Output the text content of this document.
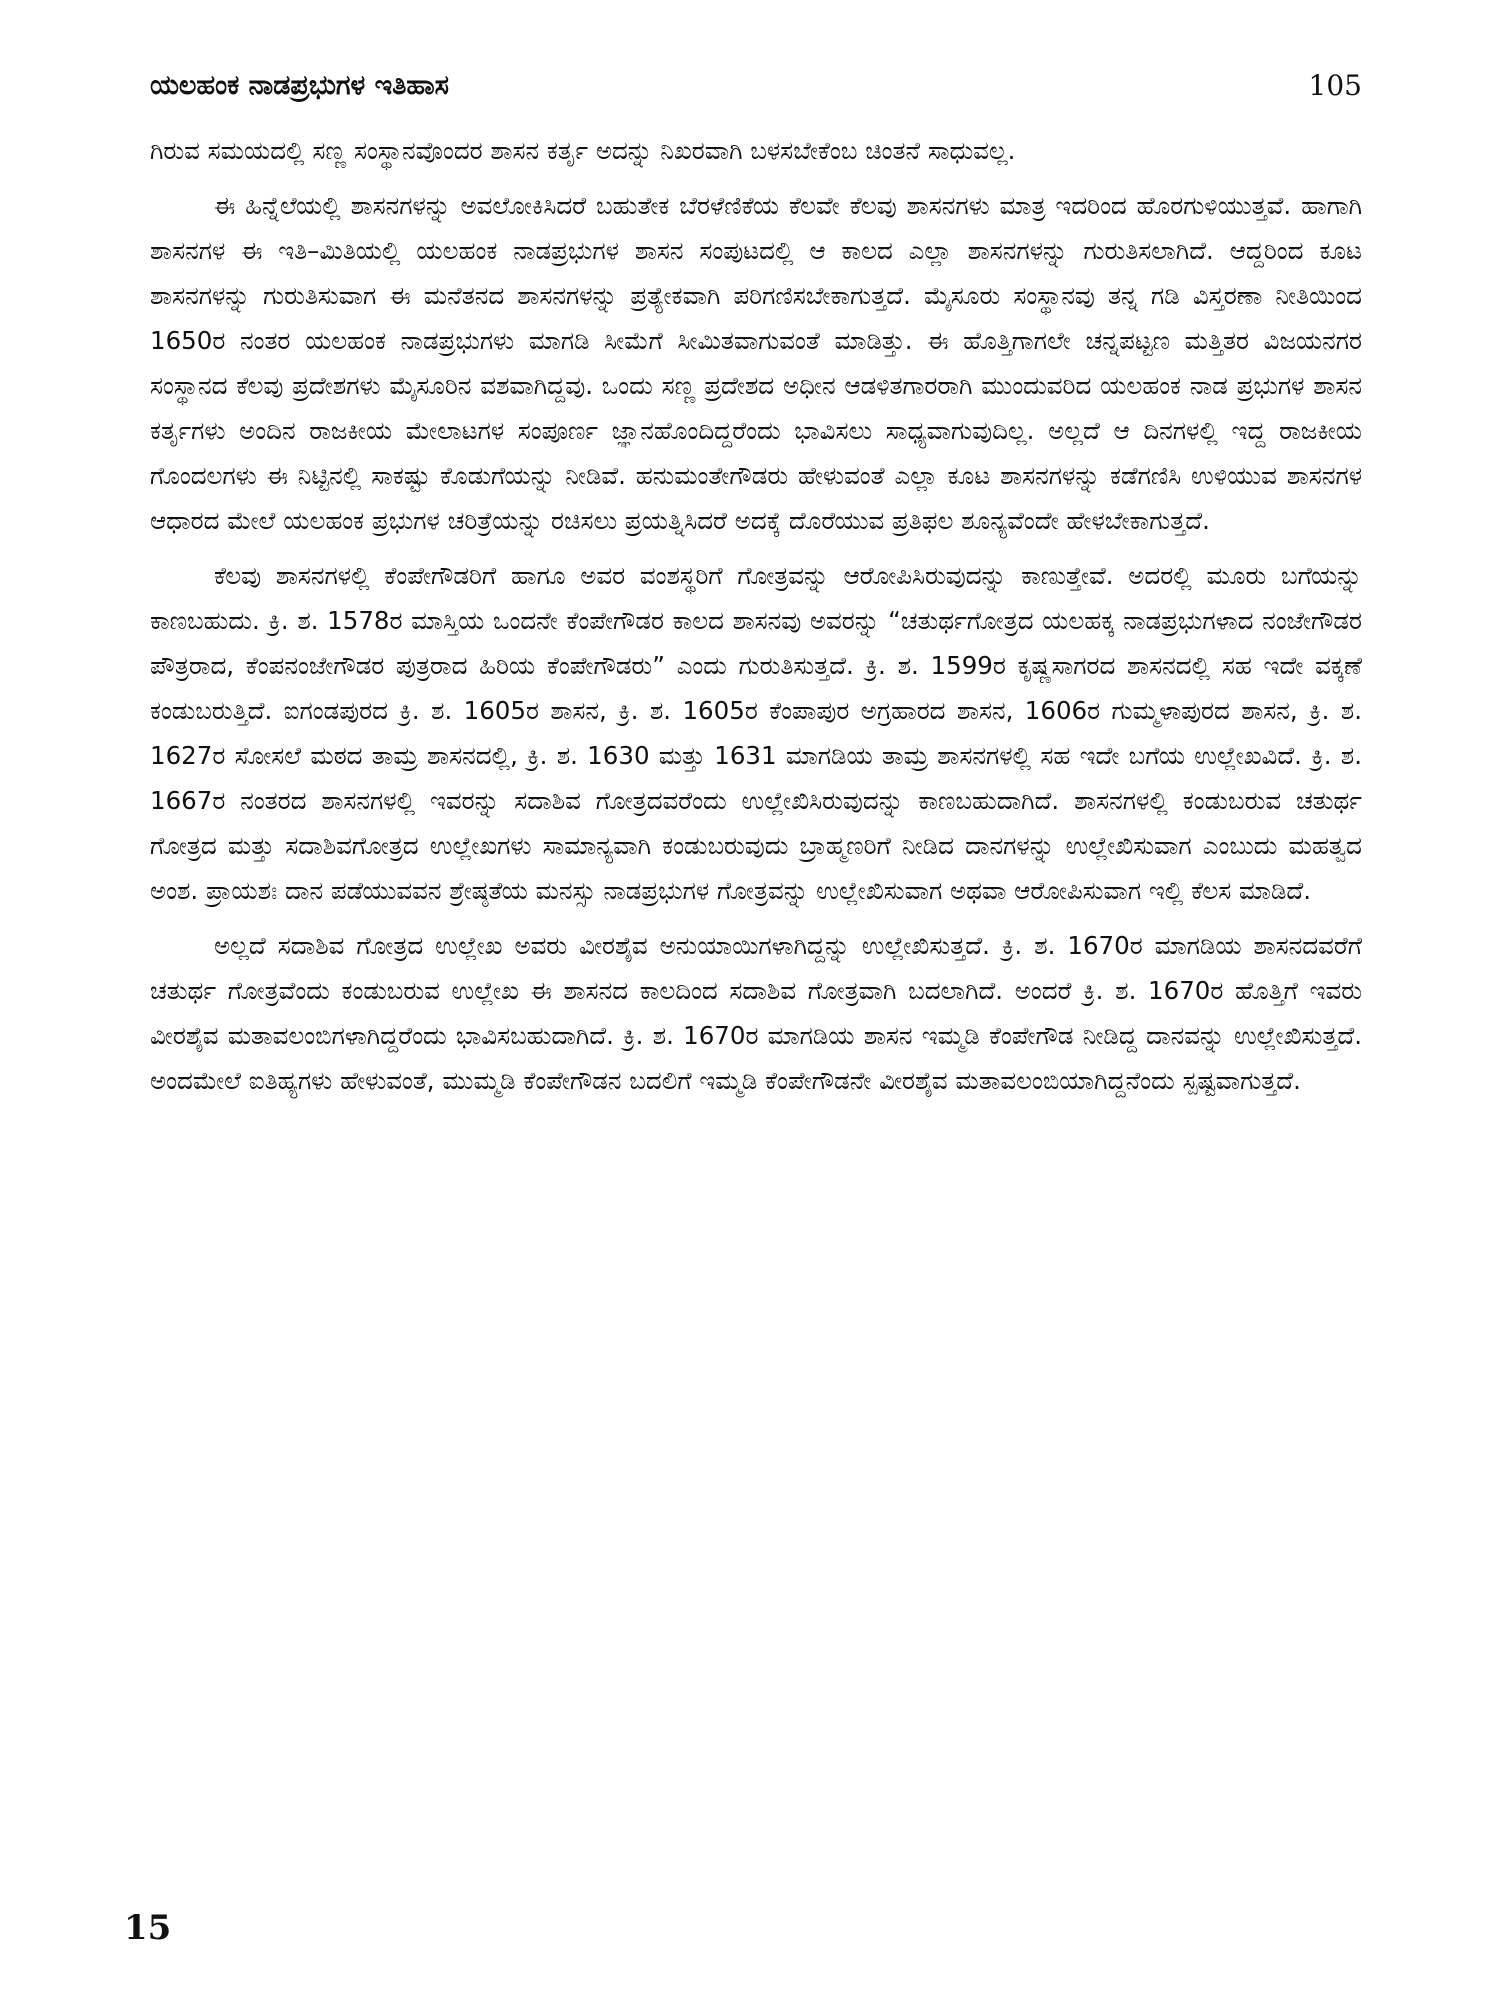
ಯಲಹಂಕ ನಾಡಪ್ರಭುಗಳ ಇತಿಹಾಸ	105

ಗಿರುವ ಸಮಯದಲ್ಲಿ ಸಣ್ಣ ಸಂಸ್ಥಾನವೊಂದರ ಶಾಸನ ಕರ್ತೃ ಅದನ್ನು ನಿಖರವಾಗಿ ಬಳಸಬೇಕೆಂಬ ಚಿಂತನೆ ಸಾಧುವಲ್ಲ.

ಈ ಹಿನ್ನೆಲೆಯಲ್ಲಿ ಶಾಸನಗಳನ್ನು ಅವಲೋಕಿಸಿದರೆ ಬಹುತೇಕ ಬೆರಳೆಣಿಕೆಯ ಕೆಲವೇ ಕೆಲವು ಶಾಸನಗಳು ಮಾತ್ರ ಇದರಿಂದ ಹೊರಗುಳಿಯುತ್ತವೆ. ಹಾಗಾಗಿ ಶಾಸನಗಳ ಈ ಇತಿ–ಮಿತಿಯಲ್ಲಿ ಯಲಹಂಕ ನಾಡಪ್ರಭುಗಳ ಶಾಸನ ಸಂಪುಟದಲ್ಲಿ ಆ ಕಾಲದ ಎಲ್ಲಾ ಶಾಸನಗಳನ್ನು ಗುರುತಿಸಲಾಗಿದೆ. ಆದ್ದರಿಂದ ಕೂಟ ಶಾಸನಗಳನ್ನು ಗುರುತಿಸುವಾಗ ಈ ಮನೆತನದ ಶಾಸನಗಳನ್ನು ಪ್ರತ್ಯೇಕವಾಗಿ ಪರಿಗಣಿಸಬೇಕಾಗುತ್ತದೆ. ಮೈಸೂರು ಸಂಸ್ಥಾನವು ತನ್ನ ಗಡಿ ವಿಸ್ತರಣಾ ನೀತಿಯಿಂದ 1650ರ ನಂತರ ಯಲಹಂಕ ನಾಡಪ್ರಭುಗಳು ಮಾಗಡಿ ಸೀಮೆಗೆ ಸೀಮಿತವಾಗುವಂತೆ ಮಾಡಿತ್ತು. ಈ ಹೊತ್ತಿಗಾಗಲೇ ಚನ್ನಪಟ್ಟಣ ಮತ್ತಿತರ ವಿಜಯನಗರ ಸಂಸ್ಥಾನದ ಕೆಲವು ಪ್ರದೇಶಗಳು ಮೈಸೂರಿನ ವಶವಾಗಿದ್ದವು. ಒಂದು ಸಣ್ಣ ಪ್ರದೇಶದ ಅಧೀನ ಆಡಳಿತಗಾರರಾಗಿ ಮುಂದುವರಿದ ಯಲಹಂಕ ನಾಡ ಪ್ರಭುಗಳ ಶಾಸನ ಕರ್ತೃಗಳು ಅಂದಿನ ರಾಜಕೀಯ ಮೇಲಾಟಗಳ ಸಂಪೂರ್ಣ ಜ್ಞಾನಹೊಂದಿದ್ದರೆಂದು ಭಾವಿಸಲು ಸಾಧ್ಯವಾಗುವುದಿಲ್ಲ. ಅಲ್ಲದೆ ಆ ದಿನಗಳಲ್ಲಿ ಇದ್ದ ರಾಜಕೀಯ ಗೊಂದಲಗಳು ಈ ನಿಟ್ಟಿನಲ್ಲಿ ಸಾಕಷ್ಟು ಕೊಡುಗೆಯನ್ನು ನೀಡಿವೆ. ಹನುಮಂತೇಗೌಡರು ಹೇಳುವಂತೆ ಎಲ್ಲಾ ಕೂಟ ಶಾಸನಗಳನ್ನು ಕಡೆಗಣಿಸಿ ಉಳಿಯುವ ಶಾಸನಗಳ ಆಧಾರದ ಮೇಲೆ ಯಲಹಂಕ ಪ್ರಭುಗಳ ಚರಿತ್ರೆಯನ್ನು ರಚಿಸಲು ಪ್ರಯತ್ನಿಸಿದರೆ ಅದಕ್ಕೆ ದೊರೆಯುವ ಪ್ರತಿಫಲ ಶೂನ್ಯವೆಂದೇ ಹೇಳಬೇಕಾಗುತ್ತದೆ.

ಕೆಲವು ಶಾಸನಗಳಲ್ಲಿ ಕೆಂಪೇಗೌಡರಿಗೆ ಹಾಗೂ ಅವರ ವಂಶಸ್ಥರಿಗೆ ಗೋತ್ರವನ್ನು ಆರೋಪಿಸಿರುವುದನ್ನು ಕಾಣುತ್ತೇವೆ. ಅದರಲ್ಲಿ ಮೂರು ಬಗೆಯನ್ನು ಕಾಣಬಹುದು. ಕ್ರಿ. ಶ. 1578ರ ಮಾಸ್ತಿಯ ಒಂದನೇ ಕೆಂಪೇಗೌಡರ ಕಾಲದ ಶಾಸನವು ಅವರನ್ನು “ಚತುರ್ಥಗೋತ್ರದ ಯಲಹಕ್ಕ ನಾಡಪ್ರಭುಗಳಾದ ನಂಜೇಗೌಡರ ಪೌತ್ರರಾದ, ಕೆಂಪನಂಜೇಗೌಡರ ಪುತ್ರರಾದ ಹಿರಿಯ ಕೆಂಪೇಗೌಡರು” ಎಂದು ಗುರುತಿಸುತ್ತದೆ. ಕ್ರಿ. ಶ. 1599ರ ಕೃಷ್ಣಸಾಗರದ ಶಾಸನದಲ್ಲಿ ಸಹ ಇದೇ ವಕ್ಕಣೆ ಕಂಡುಬರುತ್ತಿದೆ. ಐಗಂಡಪುರದ ಕ್ರಿ. ಶ. 1605ರ ಶಾಸನ, ಕ್ರಿ. ಶ. 1605ರ ಕೆಂಪಾಪುರ ಅಗ್ರಹಾರದ ಶಾಸನ, 1606ರ ಗುಮ್ಮಳಾಪುರದ ಶಾಸನ, ಕ್ರಿ. ಶ. 1627ರ ಸೋಸಲೆ ಮಠದ ತಾಮ್ರ ಶಾಸನದಲ್ಲಿ, ಕ್ರಿ. ಶ. 1630 ಮತ್ತು 1631 ಮಾಗಡಿಯ ತಾಮ್ರ ಶಾಸನಗಳಲ್ಲಿ ಸಹ ಇದೇ ಬಗೆಯ ಉಲ್ಲೇಖವಿದೆ. ಕ್ರಿ. ಶ. 1667ರ ನಂತರದ ಶಾಸನಗಳಲ್ಲಿ ಇವರನ್ನು ಸದಾಶಿವ ಗೋತ್ರದವರೆಂದು ಉಲ್ಲೇಖಿಸಿರುವುದನ್ನು ಕಾಣಬಹುದಾಗಿದೆ. ಶಾಸನಗಳಲ್ಲಿ ಕಂಡುಬರುವ ಚತುರ್ಥ ಗೋತ್ರದ ಮತ್ತು ಸದಾಶಿವಗೋತ್ರದ ಉಲ್ಲೇಖಗಳು ಸಾಮಾನ್ಯವಾಗಿ ಕಂಡುಬರುವುದು ಬ್ರಾಹ್ಮಣರಿಗೆ ನೀಡಿದ ದಾನಗಳನ್ನು ಉಲ್ಲೇಖಿಸುವಾಗ ಎಂಬುದು ಮಹತ್ವದ ಅಂಶ. ಪ್ರಾಯಶಃ ದಾನ ಪಡೆಯುವವನ ಶ್ರೇಷ್ಠತೆಯ ಮನಸ್ಸು ನಾಡಪ್ರಭುಗಳ ಗೋತ್ರವನ್ನು ಉಲ್ಲೇಖಿಸುವಾಗ ಅಥವಾ ಆರೋಪಿಸುವಾಗ ಇಲ್ಲಿ ಕೆಲಸ ಮಾಡಿದೆ.

ಅಲ್ಲದೆ ಸದಾಶಿವ ಗೋತ್ರದ ಉಲ್ಲೇಖ ಅವರು ವೀರಶೈವ ಅನುಯಾಯಿಗಳಾಗಿದ್ದನ್ನು ಉಲ್ಲೇಖಿಸುತ್ತದೆ. ಕ್ರಿ. ಶ. 1670ರ ಮಾಗಡಿಯ ಶಾಸನದವರೆಗೆ ಚತುರ್ಥ ಗೋತ್ರವೆಂದು ಕಂಡುಬರುವ ಉಲ್ಲೇಖ ಈ ಶಾಸನದ ಕಾಲದಿಂದ ಸದಾಶಿವ ಗೋತ್ರವಾಗಿ ಬದಲಾಗಿದೆ. ಅಂದರೆ ಕ್ರಿ. ಶ. 1670ರ ಹೊತ್ತಿಗೆ ಇವರು ವೀರಶೈವ ಮತಾವಲಂಬಿಗಳಾಗಿದ್ದರೆಂದು ಭಾವಿಸಬಹುದಾಗಿದೆ. ಕ್ರಿ. ಶ. 1670ರ ಮಾಗಡಿಯ ಶಾಸನ ಇಮ್ಮಡಿ ಕೆಂಪೇಗೌಡ ನೀಡಿದ್ದ ದಾನವನ್ನು ಉಲ್ಲೇಖಿಸುತ್ತದೆ. ಅಂದಮೇಲೆ ಐತಿಹ್ಯಗಳು ಹೇಳುವಂತೆ, ಮುಮ್ಮಡಿ ಕೆಂಪೇಗೌಡನ ಬದಲಿಗೆ ಇಮ್ಮಡಿ ಕೆಂಪೇಗೌಡನೇ ವೀರಶೈವ ಮತಾವಲಂಬಿಯಾಗಿದ್ದನೆಂದು ಸ್ಪಷ್ಟವಾಗುತ್ತದೆ.

15
